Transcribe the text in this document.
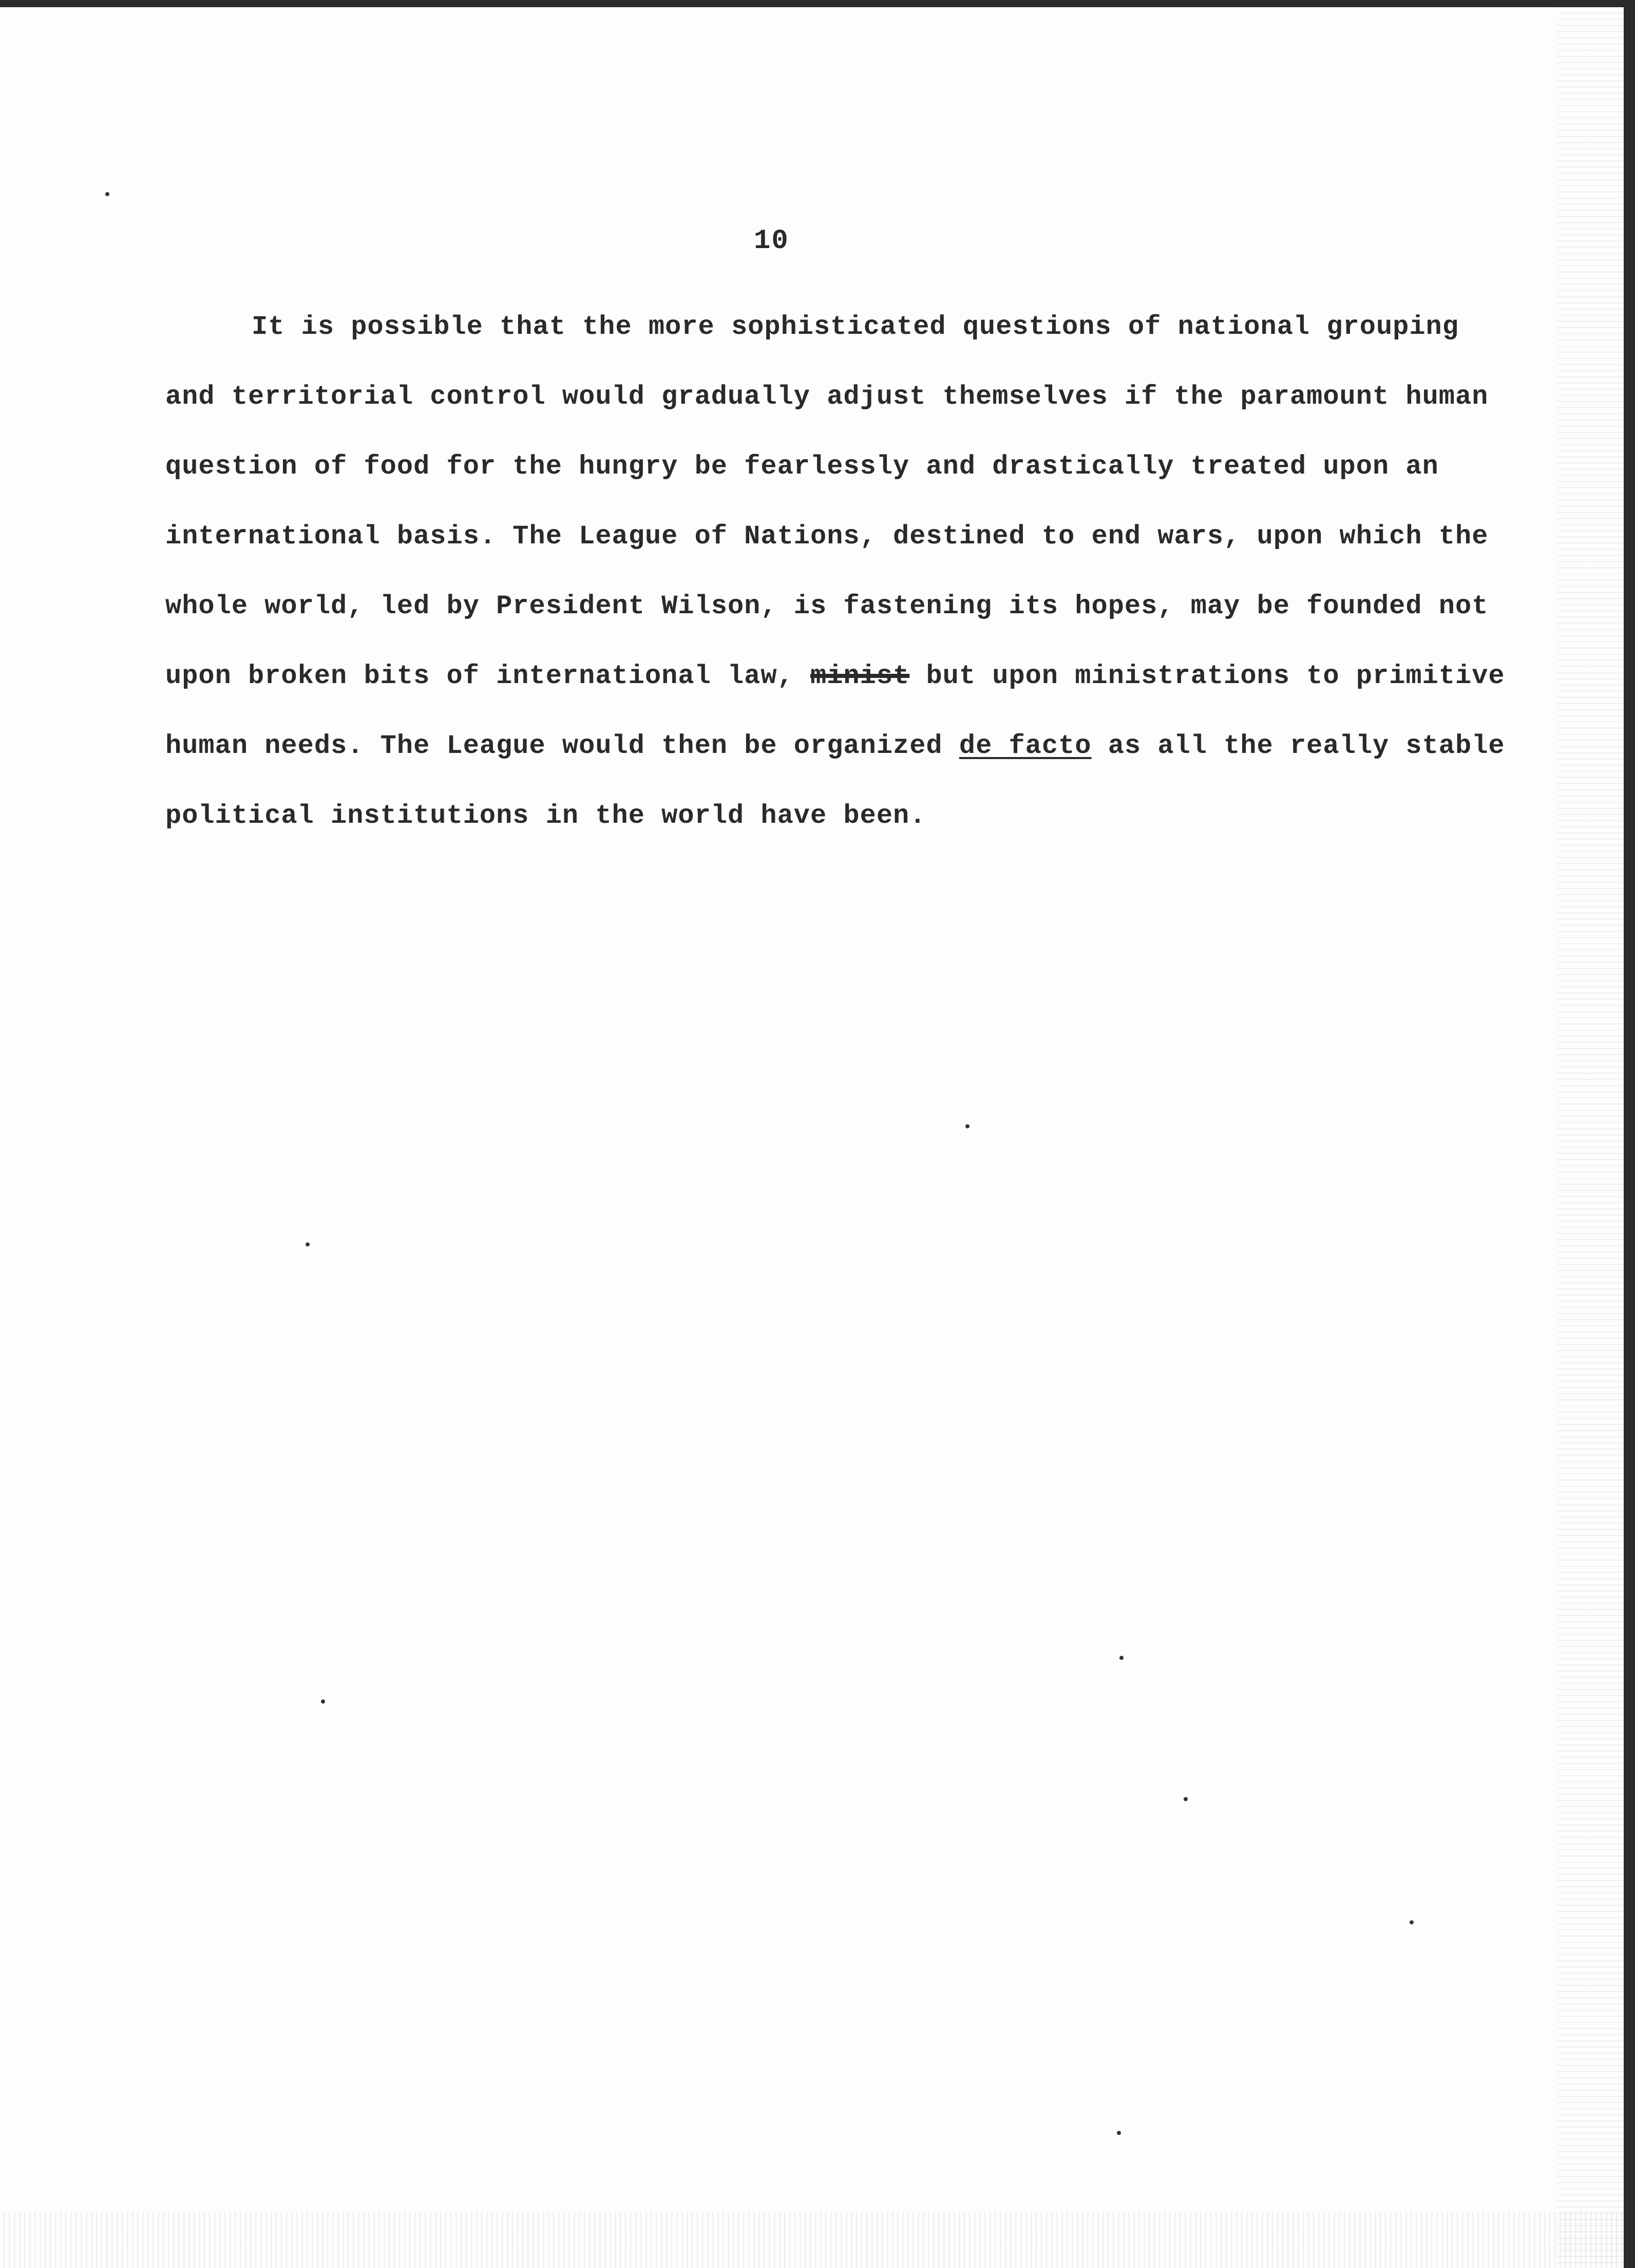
10
It is possible that the more sophisticated questions of national grouping
and territorial control would gradually adjust themselves if the paramount human
question of food for the hungry be fearlessly and drastically treated upon an
international basis. The League of Nations, destined to end wars, upon which the
whole world, led by President Wilson, is fastening its hopes, may be founded not
upon broken bits of international law, minist but upon ministrations to primitive
human needs. The League would then be organized de facto as all the really stable
political institutions in the world have been.
